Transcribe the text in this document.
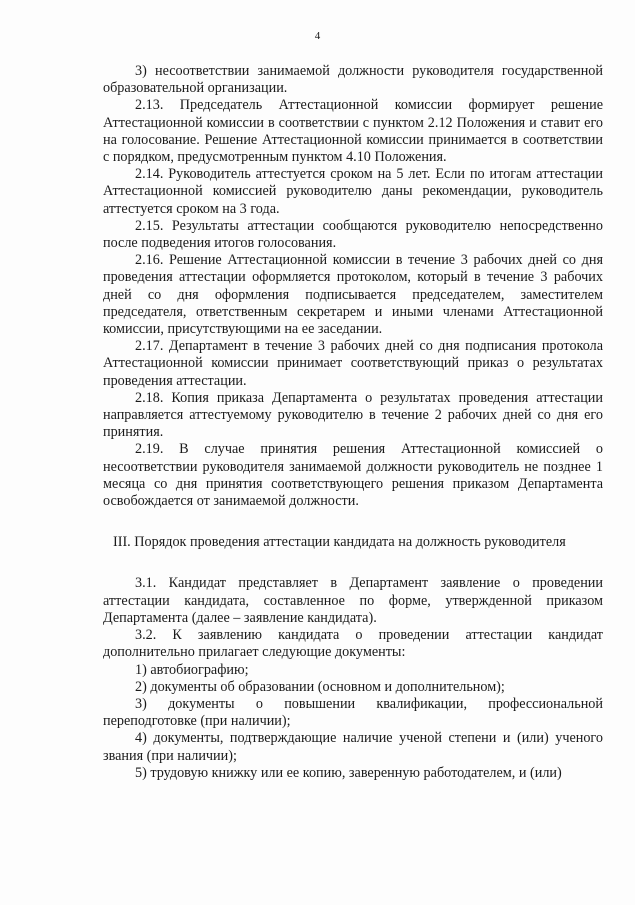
4

3) несоответствии занимаемой должности руководителя государственной образовательной организации.

2.13. Председатель Аттестационной комиссии формирует решение Аттестационной комиссии в соответствии с пунктом 2.12 Положения и ставит его на голосование. Решение Аттестационной комиссии принимается в соответствии с порядком, предусмотренным пунктом 4.10 Положения.

2.14. Руководитель аттестуется сроком на 5 лет. Если по итогам аттестации Аттестационной комиссией руководителю даны рекомендации, руководитель аттестуется сроком на 3 года.

2.15. Результаты аттестации сообщаются руководителю непосредственно после подведения итогов голосования.

2.16. Решение Аттестационной комиссии в течение 3 рабочих дней со дня проведения аттестации оформляется протоколом, который в течение 3 рабочих дней со дня оформления подписывается председателем, заместителем председателя, ответственным секретарем и иными членами Аттестационной комиссии, присутствующими на ее заседании.

2.17. Департамент в течение 3 рабочих дней со дня подписания протокола Аттестационной комиссии принимает соответствующий приказ о результатах проведения аттестации.

2.18. Копия приказа Департамента о результатах проведения аттестации направляется аттестуемому руководителю в течение 2 рабочих дней со дня его принятия.

2.19. В случае принятия решения Аттестационной комиссией о несоответствии руководителя занимаемой должности руководитель не позднее 1 месяца со дня принятия соответствующего решения приказом Департамента освобождается от занимаемой должности.

III. Порядок проведения аттестации кандидата на должность руководителя

3.1. Кандидат представляет в Департамент заявление о проведении аттестации кандидата, составленное по форме, утвержденной приказом Департамента (далее – заявление кандидата).

3.2. К заявлению кандидата о проведении аттестации кандидат дополнительно прилагает следующие документы:

1) автобиографию;

2) документы об образовании (основном и дополнительном);

3) документы о повышении квалификации, профессиональной переподготовке (при наличии);

4) документы, подтверждающие наличие ученой степени и (или) ученого звания (при наличии);

5) трудовую книжку или ее копию, заверенную работодателем, и (или)
